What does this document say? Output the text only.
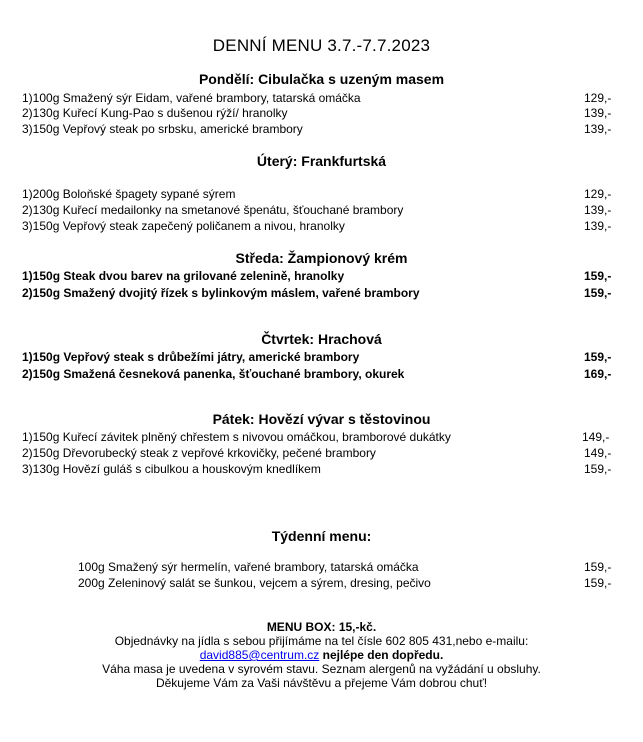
DENNÍ MENU 3.7.-7.7.2023
Pondělí: Cibulačka s uzeným masem
1)100g Smažený sýr Eidam, vařené brambory, tatarská omáčka	129,-
2)130g Kuřecí Kung-Pao s dušenou rýží/ hranolky	139,-
3)150g Vepřový steak po srbsku, americké brambory	139,-
Úterý: Frankfurtská
1)200g Boloňské špagety sypané sýrem	129,-
2)130g Kuřecí medailonky na smetanové špenátu, šťouchané brambory	139,-
3)150g Vepřový steak zapečený poličanem a nivou, hranolky	139,-
Středa: Žampionový krém
1)150g Steak dvou barev na grilované zelenině, hranolky	159,-
2)150g Smažený dvojitý řízek s bylinkovým máslem, vařené brambory	159,-
Čtvrtek: Hrachová
1)150g Vepřový steak s drůbežími játry, americké brambory	159,-
2)150g Smažená česneková panenka, šťouchané brambory, okurek	169,-
Pátek: Hovězí vývar s těstovinou
1)150g Kuřecí závitek plněný chřestem s nivovou omáčkou, bramborové dukátky	149,-
2)150g Dřevorubecký steak z vepřové krkovičky, pečené brambory	149,-
3)130g Hovězí guláš s cibulkou a houskovým knedlíkem	159,-
Týdenní menu:
100g Smažený sýr hermelín, vařené brambory, tatarská omáčka	159,-
200g Zeleninový salát se šunkou, vejcem a sýrem, dresing, pečivo	159,-
MENU BOX: 15,-kč.
Objednávky na jídla s sebou přijímáme na tel čísle 602 805 431,nebo e-mailu:
david885@centrum.cz nejlépe den dopředu.
Váha masa je uvedena v syrovém stavu. Seznam alergenů na vyžádání u obsluhy.
Děkujeme Vám za Vaši návštěvu a přejeme Vám dobrou chuť!
